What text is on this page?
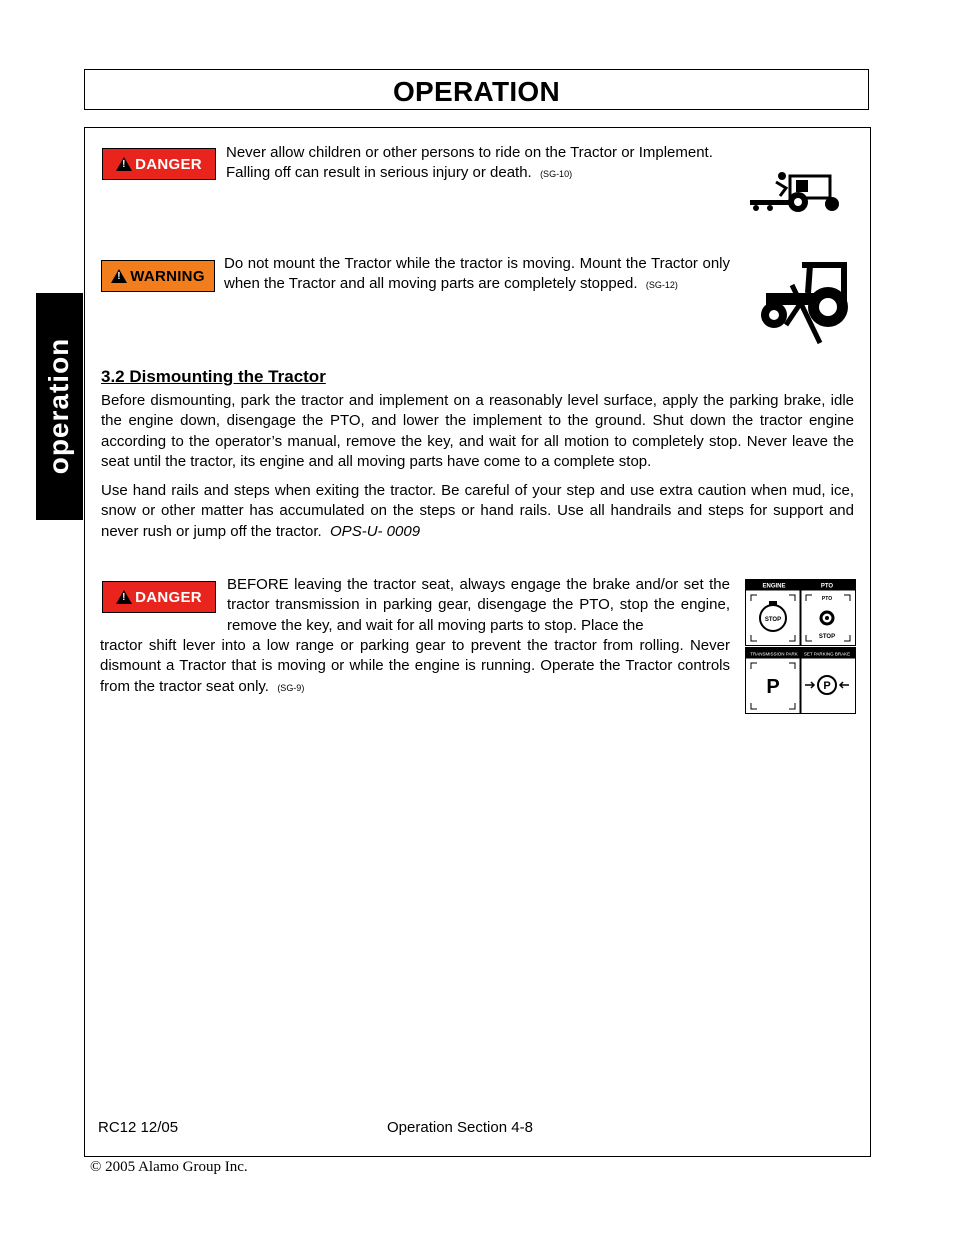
OPERATION
operation
!
DANGER
Never allow children or other persons to ride on the Tractor or Implement. Falling off can result in serious injury or death. (SG-10)
!
WARNING
Do not mount the Tractor while the tractor is moving. Mount the Tractor only when the Tractor and all moving parts are completely stopped. (SG-12)
3.2 Dismounting the Tractor
Before dismounting, park the tractor and implement on a reasonably level surface, apply the parking brake, idle the engine down, disengage the PTO, and lower the implement to the ground. Shut down the tractor engine according to the operator’s manual, remove the key, and wait for all motion to completely stop. Never leave the seat until the tractor, its engine and all moving parts have come to a complete stop.
Use hand rails and steps when exiting the tractor. Be careful of your step and use extra caution when mud, ice, snow or other matter has accumulated on the steps or hand rails. Use all handrails and steps for support and never rush or jump off the tractor. OPS-U- 0009
!
DANGER
BEFORE leaving the tractor seat, always engage the brake and/or set the tractor transmission in parking gear, disengage the PTO, stop the engine, remove the key, and wait for all moving parts to stop. Place the
tractor shift lever into a low range or parking gear to prevent the tractor from rolling. Never dismount a Tractor that is moving or while the engine is running. Operate the Tractor controls from the tractor seat only. (SG-9)
ENGINE	PTO
STOP
PTO
STOP
TRANSMISSION PARK SET PARKING BRAKE
P	P
RC12 12/05	Operation Section 4-8
© 2005 Alamo Group Inc.
